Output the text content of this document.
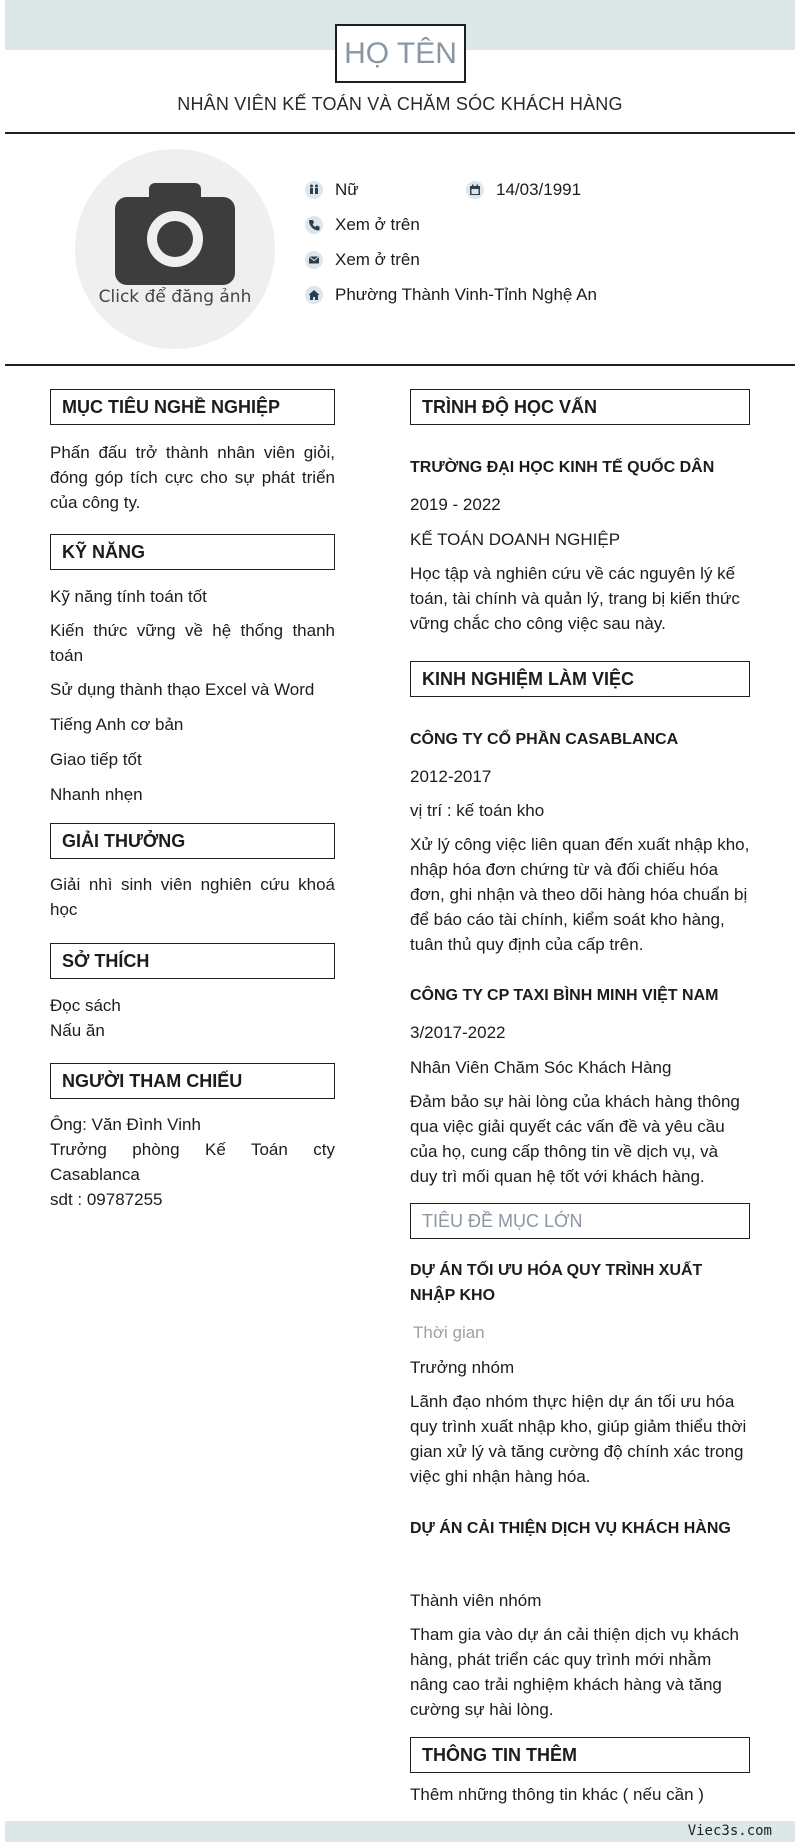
HỌ TÊN
NHÂN VIÊN KẾ TOÁN VÀ CHĂM SÓC KHÁCH HÀNG
Click để đăng ảnh
Nữ	14/03/1991
Xem ở trên
Xem ở trên
Phường Thành Vinh-Tỉnh Nghệ An
MỤC TIÊU NGHỀ NGHIỆP
Phấn đấu trở thành nhân viên giỏi, đóng góp tích cực cho sự phát triển của công ty.
KỸ NĂNG
Kỹ năng tính toán tốt
Kiến thức vững về hệ thống thanh toán
Sử dụng thành thạo Excel và Word
Tiếng Anh cơ bản
Giao tiếp tốt
Nhanh nhẹn
GIẢI THƯỞNG
Giải nhì sinh viên nghiên cứu khoá học
SỞ THÍCH
Đọc sách
Nấu ăn
NGƯỜI THAM CHIẾU
Ông: Văn Đình Vinh
Trưởng phòng Kế Toán cty Casablanca
sdt : 09787255
TRÌNH ĐỘ HỌC VẤN
TRƯỜNG ĐẠI HỌC KINH TẾ QUỐC DÂN
2019 - 2022
KẾ TOÁN DOANH NGHIỆP
Học tập và nghiên cứu về các nguyên lý kế toán, tài chính và quản lý, trang bị kiến thức vững chắc cho công việc sau này.
KINH NGHIỆM LÀM VIỆC
CÔNG TY CỔ PHẦN CASABLANCA
2012-2017
vị trí : kế toán kho
Xử lý công việc liên quan đến xuất nhập kho, nhập hóa đơn chứng từ và đối chiếu hóa đơn, ghi nhận và theo dõi hàng hóa chuẩn bị để báo cáo tài chính, kiểm soát kho hàng, tuân thủ quy định của cấp trên.
CÔNG TY CP TAXI BÌNH MINH VIỆT NAM
3/2017-2022
Nhân Viên Chăm Sóc Khách Hàng
Đảm bảo sự hài lòng của khách hàng thông qua việc giải quyết các vấn đề và yêu cầu của họ, cung cấp thông tin về dịch vụ, và duy trì mối quan hệ tốt với khách hàng.
TIÊU ĐỀ MỤC LỚN
DỰ ÁN TỐI ƯU HÓA QUY TRÌNH XUẤT NHẬP KHO
Thời gian
Trưởng nhóm
Lãnh đạo nhóm thực hiện dự án tối ưu hóa quy trình xuất nhập kho, giúp giảm thiểu thời gian xử lý và tăng cường độ chính xác trong việc ghi nhận hàng hóa.
DỰ ÁN CẢI THIỆN DỊCH VỤ KHÁCH HÀNG
Thành viên nhóm
Tham gia vào dự án cải thiện dịch vụ khách hàng, phát triển các quy trình mới nhằm nâng cao trải nghiệm khách hàng và tăng cường sự hài lòng.
THÔNG TIN THÊM
Thêm những thông tin khác ( nếu cần )
Viec3s.com
